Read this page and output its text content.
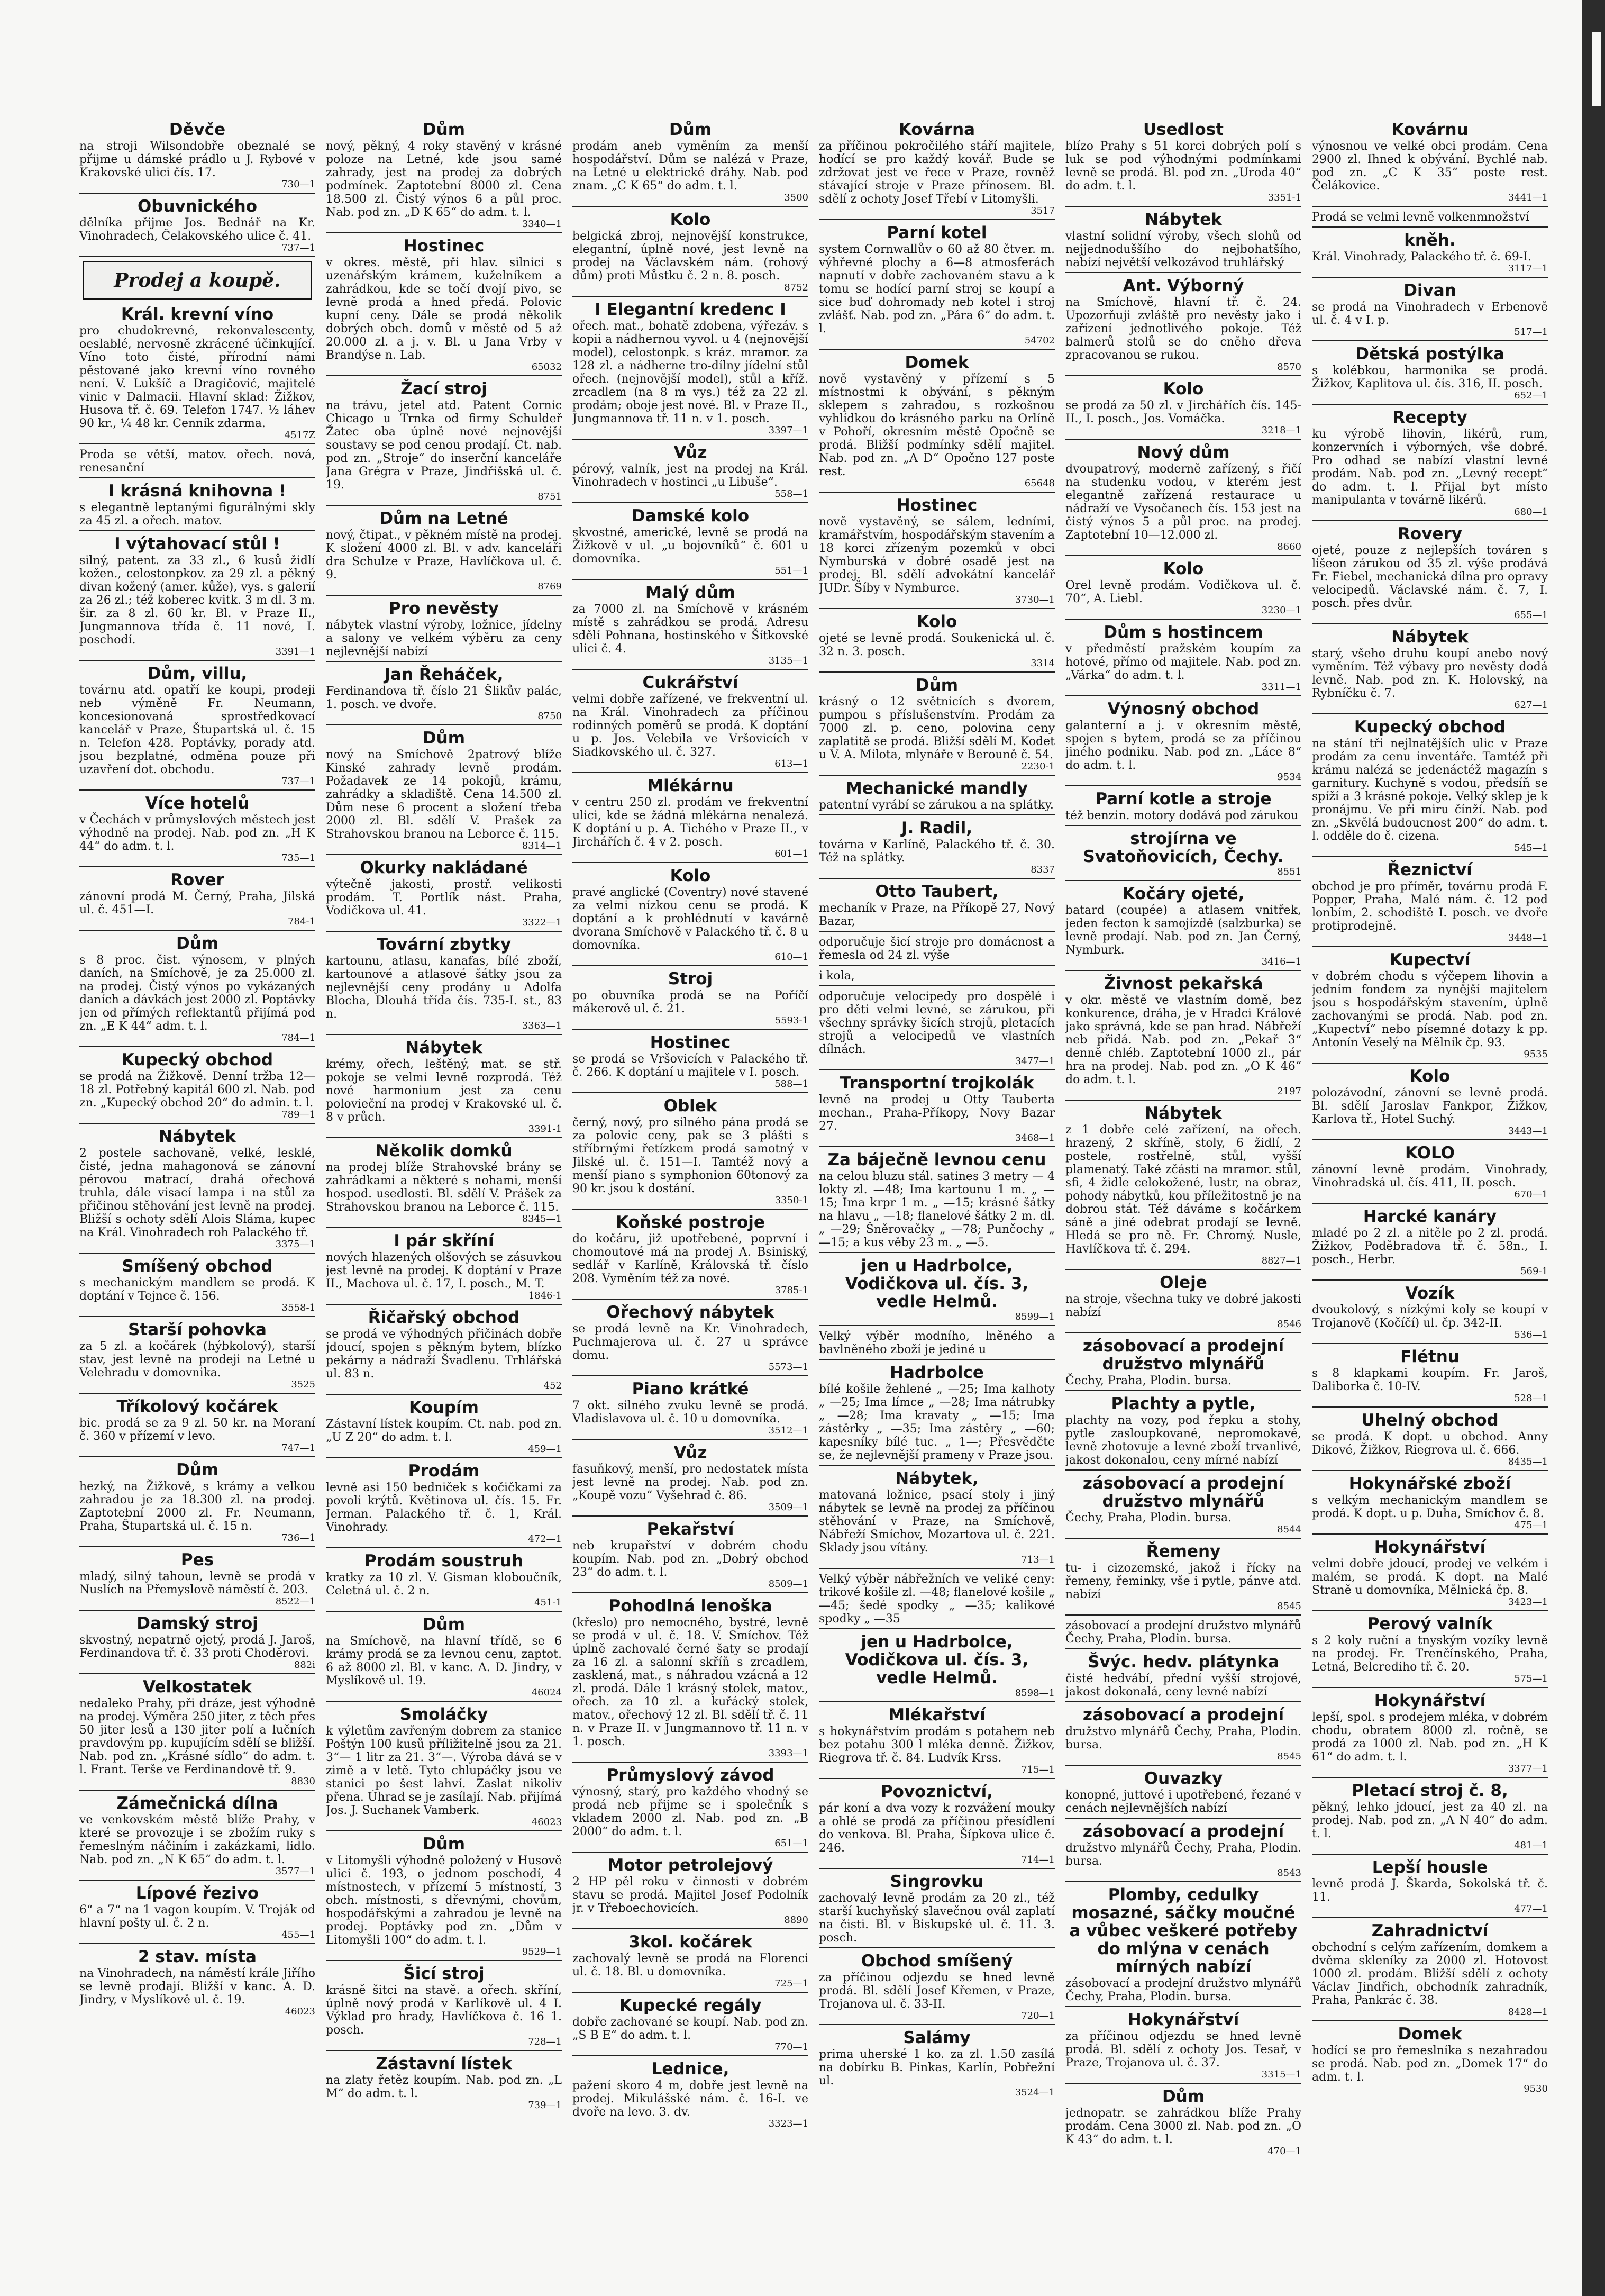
Děvče

na stroji Wilsondobře obeznalé se přijme u dámské prádlo u J. Rybové v Krakovské ulici čís. 17.

730—1
Obuvnického

dělníka přijme Jos. Bednář na Kr. Vinohradech, Čelakovského ulice č. 41.

737—1
Prodej a koupě.
Král. krevní víno

pro chudokrevné, rekonvalescenty, oeslablé, nervosně zkrácené účinkující. Víno toto čisté, přírodní námi pěstované jako krevní víno rovného není. V. Lukšíč a Dragičović, majitelé vinic v Dalmacii. Hlavní sklad: Žižkov, Husova tř. č. 69. Telefon 1747. ⅟₂ láhev 90 kr., ⅟₄ 48 kr. Cenník zdarma.

4517Z

Proda se větší, matov. ořech. nová, renesanční

I krásná knihovna !

s elegantně leptanými figurálnými skly za 45 zl. a ořech. matov.

I výtahovací stůl !

silný, patent. za 33 zl., 6 kusů židlí kožen., celostonpkov. za 29 zl. a pěkný divan kožený (amer. kůže), vys. s galerií za 26 zl.; též koberec kvitk. 3 m dl. 3 m. šir. za 8 zl. 60 kr. Bl. v Praze II., Jungmannova třída č. 11 nové, I. poschodí.

3391—1
Dům, villu,

továrnu atd. opatří ke koupi, prodeji neb výměně Fr. Neumann, koncesionovaná sprostředkovací kancelář v Praze, Štupartská ul. č. 15 n. Telefon 428. Poptávky, porady atd. jsou bezplatné, odměna pouze při uzavření dot. obchodu.

737—1
Více hotelů

v Čechách v průmyslových městech jest výhodně na prodej. Nab. pod zn. „H K 44“ do adm. t. l.

735—1
Rover

zánovní prodá M. Černý, Praha, Jilská ul. č. 451—I.

784-1
Dům

s 8 proc. čist. výnosem, v plných daních, na Smíchově, je za 25.000 zl. na prodej. Čistý výnos po vykázaných daních a dávkách jest 2000 zl. Poptávky jen od přímých reflektantů přijímá pod zn. „E K 44“ adm. t. l.

784—1
Kupecký obchod

se prodá na Žižkově. Denní tržba 12—18 zl. Potřebný kapitál 600 zl. Nab. pod zn. „Kupecký obchod 20“ do admin. t. l.

789—1
Nábytek

2 postele sachovaně, velké, lesklé, čisté, jedna mahagonová se zánovní pérovou matrací, drahá ořechová truhla, dále visací lampa i na stůl za přičinou stěhování jest levně na prodej. Bližší s ochoty sdělí Alois Sláma, kupec na Král. Vinohradech roh Palackého tř.

3375—1
Smíšený obchod

s mechanickým mandlem se prodá. K doptání v Tejnce č. 156.

3558-1
Starší pohovka

za 5 zl. a kočárek (hýbkolový), starší stav, jest levně na prodeji na Letné u Velehradu v domovnika.

3525
Tříkolový kočárek

bic. prodá se za 9 zl. 50 kr. na Moraní č. 360 v přízemí v levo.

747—1
Dům

hezký, na Žižkově, s krámy a velkou zahradou je za 18.300 zl. na prodej. Zaptotební 2000 zl. Fr. Neumann, Praha, Štupartská ul. č. 15 n.

736—1
Pes

mladý, silný tahoun, levně se prodá v Nuslích na Přemyslově náměstí č. 203.

8522—1
Damský stroj

skvostný, nepatrně ojetý, prodá J. Jaroš, Ferdinandova tř. č. 33 proti Choděrovi.

882i
Velkostatek

nedaleko Prahy, při dráze, jest výhodně na prodej. Výměra 250 jiter, z těch přes 50 jiter lesů a 130 jiter polí a lučních pravdovým pp. kupujícím sdělí se bližší. Nab. pod zn. „Krásné sídlo“ do adm. t. l. Frant. Terše ve Ferdinandově tř. 9.

8830
Zámečnická dílna

ve venkovském městě blíže Prahy, v které se provozuje i se zbožím ruky s řemeslným náčiním i zakázkami, lidlo. Nab. pod zn. „N K 65“ do adm. t. l.

3577—1
Lípové řezivo

6“ a 7“ na 1 vagon koupím. V. Troják od hlavní pošty ul. č. 2 n.

455—1
2 stav. místa

na Vinohradech, na náměstí krále Jiřího se levně prodají. Bližší v kanc. A. D. Jindry, v Myslíkově ul. č. 19.

46023
Dům

nový, pěkný, 4 roky stavěný v krásné poloze na Letné, kde jsou samé zahrady, jest na prodej za dobrých podmínek. Zaptotební 8000 zl. Cena 18.500 zl. Čistý výnos 6 a půl proc. Nab. pod zn. „D K 65“ do adm. t. l.

3340—1
Hostinec

v okres. městě, při hlav. silnici s uzenářským krámem, kuželníkem a zahrádkou, kde se točí dvojí pivo, se levně prodá a hned předá. Polovic kupní ceny. Dále se prodá několik dobrých obch. domů v městě od 5 až 20.000 zl. a j. v. Bl. u Jana Vrby v Brandýse n. Lab.

65032
Žací stroj

na trávu, jetel atd. Patent Cornic Chicago u Trnka od firmy Schuldeř Žatec oba úplně nové nejnovější soustavy se pod cenou prodají. Ct. nab. pod zn. „Stroje“ do inserční kanceláře Jana Grégra v Praze, Jindřišská ul. č. 19.

8751
Dům na Letné

nový, čtipat., v pěkném místě na prodej. K složení 4000 zl. Bl. v adv. kanceláři dra Schulze v Praze, Havlíčkova ul. č. 9.

8769
Pro nevěsty

nábytek vlastní výroby, ložnice, jídelny a salony ve velkém výběru za ceny nejlevnější nabízí

Jan Řeháček,

Ferdinandova tř. číslo 21 Šlikův palác, 1. posch. ve dvoře.

8750
Dům

nový na Smíchově 2patrový blíže Kinské zahrady levně prodám. Požadavek ze 14 pokojů, krámu, zahrádky a skladiště. Cena 14.500 zl. Dům nese 6 procent a složení třeba 2000 zl. Bl. sdělí V. Prašek za Strahovskou branou na Leborce č. 115.

8314—1
Okurky nakládané

výtečně jakosti, prostř. velikosti prodám. T. Portlík nást. Praha, Vodičkova ul. 41.

3322—1
Tovární zbytky

kartounu, atlasu, kanafas, bílé zboží, kartounové a atlasové šátky jsou za nejlevnější ceny prodány u Adolfa Blocha, Dlouhá třída čís. 735-I. st., 83 n.

3363—1
Nábytek

krémy, ořech, leštěný, mat. se stř. pokoje se velmi levně rozprodá. Též nové harmonium jest za cenu polovieční na prodej v Krakovské ul. č. 8 v průch.

3391-1
Několik domků

na prodej blíže Strahovské brány se zahrádkami a některé s nohami, menší hospod. usedlosti. Bl. sdělí V. Prášek za Strahovskou branou na Leborce č. 115.

8345—1
I pár skříní

nových hlazených olšových se zásuvkou jest levně na prodej. K doptání v Praze II., Machova ul. č. 17, I. posch., M. T.

1846-1
Řičařský obchod

se prodá ve výhodných přičinách dobře jdoucí, spojen s pěkným bytem, blízko pekárny a nádraží Švadlenu. Trhlářská ul. 83 n.

452
Koupím

Zástavní lístek koupím. Ct. nab. pod zn. „U Z 20“ do adm. t. l.

459—1
Prodám

levně asi 150 bedniček s kočičkami za povoli krýtů. Květinova ul. čís. 15. Fr. Jerman. Palackého tř. č. 1, Král. Vinohrady.

472—1
Prodám soustruh

kratky za 10 zl. V. Gisman kloboučník, Celetná ul. č. 2 n.

451-1
Dům

na Smíchově, na hlavní třídě, se 6 krámy prodá se za levnou cenu, zaptot. 6 až 8000 zl. Bl. v kanc. A. D. Jindry, v Myslíkově ul. 19.

46024
Smoláčky

k výletům zavřeným dobrem za stanice Poštýn 100 kusů příližitelně jsou za 21. 3“— 1 litr za 21. 3“—. Výroba dává se v zimě a v letě. Tyto chlupáčky jsou ve stanici po šest lahví. Zaslat nikoliv přena. Úhrad se je zasílají. Nab. přijímá Jos. J. Suchanek Vamberk.

46023
Dům

v Litomyšli výhodně položený v Husově ulici č. 193, o jednom poschodí, 4 místnostech, v přízemí 5 místností, 3 obch. místnosti, s dřevnými, chovům, hospodářskými a zahradou je levně na prodej. Poptávky pod zn. „Dům v Litomyšli 100“ do adm. t. l.

9529—1
Šicí stroj

krásně šitci na stavě. a ořech. skříní, úplně nový prodá v Karlíkově ul. 4 I. Výklad pro hrady, Havlíčkova č. 16 1. posch.

728—1
Zástavní lístek

na zlaty řetěz koupím. Nab. pod zn. „L M“ do adm. t. l.

739—1
Dům

prodám aneb vyměním za menší hospodářství. Dům se nalézá v Praze, na Letné u elektrické dráhy. Nab. pod znam. „C K 65“ do adm. t. l.

3500
Kolo

belgická zbroj, nejnovější konstrukce, elegantní, úplně nové, jest levně na prodej na Václavském nám. (rohový dům) proti Můstku č. 2 n. 8. posch.

8752
I Elegantní kredenc I

ořech. mat., bohatě zdobena, výřezáv. s kopii a nádhernou vyvol. u 4 (nejnovější model), celostonpk. s kráz. mramor. za 128 zl. a nádherne tro-dílny jídelní stůl ořech. (nejnovější model), stůl a kříž. zrcadlem (na 8 m vys.) též za 22 zl. prodám; oboje jest nové. Bl. v Praze II., Jungmannova tř. 11 n. v 1. posch.

3397—1
Vůz

pérový, valník, jest na prodej na Král. Vinohradech v hostinci „u Libuše“.

558—1
Damské kolo

skvostné, americké, levně se prodá na Žižkově v ul. „u bojovníků“ č. 601 u domovníka.

551—1
Malý dům

za 7000 zl. na Smíchově v krásném místě s zahrádkou se prodá. Adresu sdělí Pohnana, hostinského v Šítkovské ulici č. 4.

3135—1
Cukrářství

velmi dobře zařízené, ve frekventní ul. na Král. Vinohradech za příčinou rodinných poměrů se prodá. K doptání u p. Jos. Velebila ve Vršovicích v Siadkovského ul. č. 327.

613—1
Mlékárnu

v centru 250 zl. prodám ve frekventní ulici, kde se žádná mlékárna nenalezá. K doptání u p. A. Tichého v Praze II., v Jirchářích č. 4 v 2. posch.

601—1
Kolo

pravé anglické (Coventry) nové stavené za velmi nízkou cenu se prodá. K doptání a k prohlédnutí v kavárně dvorana Smíchově v Palackého tř. č. 8 u domovníka.

610—1
Stroj

po obuvníka prodá se na Poříčí mákerově ul. č. 21.

5593-1
Hostinec

se prodá se Vršovicích v Palackého tř. č. 266. K doptání u majitele v I. posch.

588—1
Oblek

černý, nový, pro silného pána prodá se za polovic ceny, pak se 3 plášti s stříbrnými řetízkem prodá samotný v Jilské ul. č. 151—I. Tamtéž nový a menší piano s symphonion 60tonový za 90 kr. jsou k dostání.

3350-1
Koňské postroje

do kočáru, již upotřebené, poprvní i chomoutové má na prodej A. Bsiniský, sedlář v Karlíně, Královská tř. číslo 208. Vyměním též za nové.

3785-1
Ořechový nábytek

se prodá levně na Kr. Vinohradech, Puchmajerova ul. č. 27 u správce domu.

5573—1
Piano krátké

7 okt. silného zvuku levně se prodá. Vladislavova ul. č. 10 u domovníka.

3512—1
Vůz

fasuňkový, menší, pro nedostatek místa jest levně na prodej. Nab. pod zn. „Koupě vozu“ Vyšehrad č. 86.

3509—1
Pekařství

neb krupařství v dobrém chodu koupím. Nab. pod zn. „Dobrý obchod 23“ do adm. t. l.

8509—1
Pohodlná lenoška

(křeslo) pro nemocného, bystré, levně se prodá v ul. č. 18. V. Smíchov. Též úplně zachovalé černé šaty se prodají za 16 zl. a salonní skříň s zrcadlem, zasklená, mat., s náhradou vzácná a 12 zl. prodá. Dále 1 krásný stolek, matov., ořech. za 10 zl. a kuřácký stolek, matov., ořechový 12 zl. Bl. sdělí tř. č. 11 n. v Praze II. v Jungmannovo tř. 11 n. v 1. posch.

3393—1
Průmyslový závod

výnosný, starý, pro každého vhodný se prodá neb přijme se i společník s vkladem 2000 zl. Nab. pod zn. „B 2000“ do adm. t. l.

651—1
Motor petrolejový

2 HP pěl roku v činnosti v dobrém stavu se prodá. Majitel Josef Podolník jr. v Třeboechovicích.

8890
3kol. kočárek

zachovalý levně se prodá na Florenci ul. č. 18. Bl. u domovníka.

725—1
Kupecké regály

dobře zachované se koupí. Nab. pod zn. „S B E“ do adm. t. l.

770—1
Lednice,

pažení skoro 4 m, dobře jest levně na prodej. Mikulášské nám. č. 16-I. ve dvoře na levo. 3. dv.

3323—1
Kovárna

za příčinou pokročilého stáří majitele, hodící se pro každý kovář. Bude se zdržovat jest ve řece v Praze, rovněž stávající stroje v Praze přínosem. Bl. sdělí z ochoty Josef Třebí v Litomyšli.

3517
Parní kotel

system Cornwallův o 60 až 80 čtver. m. výhřevné plochy a 6—8 atmosferách napnutí v dobře zachovaném stavu a k tomu se hodící parní stroj se koupí a sice buď dohromady neb kotel i stroj zvlášť. Nab. pod zn. „Pára 6“ do adm. t. l.

54702
Domek

nově vystavěný v přízemí s 5 místnostmi k obývání, s pěkným sklepem s zahradou, s rozkošnou vyhlídkou do krásného parku na Orlíně v Pohoří, okresním městě Opočně se prodá. Bližší podmínky sdělí majitel. Nab. pod zn. „A D“ Opočno 127 poste rest.

65648
Hostinec

nově vystavěný, se sálem, ledními, kramářstvím, hospodářským stavením a 18 korci zřízeným pozemků v obci Nymburská v dobré osadě jest na prodej. Bl. sdělí advokátní kancelář JUDr. Šíby v Nymburce.

3730—1
Kolo

ojeté se levně prodá. Soukenická ul. č. 32 n. 3. posch.

3314
Dům

krásný o 12 světnicích s dvorem, pumpou s příslušenstvím. Prodám za 7000 zl. p. ceno, polovina ceny zaplatitě se prodá. Bližší sdělí M. Kodet u V. A. Milota, mlynáře v Berouně č. 54.

2230-1
Mechanické mandly

patentní vyrábí se zárukou a na splátky.

J. Radil,

továrna v Karlíně, Palackého tř. č. 30. Též na splátky.

8337
Otto Taubert,

mechaník v Praze, na Příkopě 27, Nový Bazar,

odporučuje šicí stroje pro domácnost a řemesla od 24 zl. výše

i kola,

odporučuje velocipedy pro dospělé i pro děti velmi levné, se zárukou, při všechny správky šicích strojů, pletacích strojů a velocipedů ve vlastních dílnách.

3477—1
Transportní trojkolák

levně na prodej u Otty Tauberta mechan., Praha-Příkopy, Novy Bazar 27.

3468—1
Za báječně levnou cenu

na celou bluzu stál. satines 3 metry — 4 lokty zl. —48; Ima kartounu 1 m. „ —15; Ima krpr 1 m. „ —15; krásné šátky na hlavu „ —18; flanelové šátky 2 m. dl. „ —29; Šněrovačky „ —78; Punčochy „ —15; a kus věby 23 m. „ —5.

jen u Hadrbolce, Vodičkova ul. čís. 3, vedle Helmů.
8599—1

Velký výběr modního, lněného a bavlněného zboží je jediné u

Hadrbolce

bílé košile žehlené „ —25; Ima kalhoty „ —25; Ima límce „ —28; Ima nátrubky „ —28; Ima kravaty „ —15; Ima zástěrky „ —35; Ima zástěry „ —60; kapesníky bílé tuc. „ 1—; Přesvědčte se, že nejlevnější prameny v Praze jsou.

Nábytek,

matovaná ložnice, psací stoly i jiný nábytek se levně na prodej za příčinou stěhování v Praze, na Smíchově, Nábřeží Smíchov, Mozartova ul. č. 221. Sklady jsou vítány.

713—1

Velký výběr nábřežních ve veliké ceny: trikové košile zl. —48; flanelové košile „ —45; šedé spodky „ —35; kalikové spodky „ —35

jen u Hadrbolce, Vodičkova ul. čís. 3, vedle Helmů.
8598—1
Mlékařství

s hokynářstvím prodám s potahem neb bez potahu 300 l mléka denně. Žižkov, Riegrova tř. č. 84. Ludvík Krss.

715—1
Povoznictví,

pár koní a dva vozy k rozvážení mouky a ohlé se prodá za příčinou přesídlení do venkova. Bl. Praha, Šípkova ulice č. 246.

714—1
Singrovku

zachovalý levně prodám za 20 zl., též starší kuchyňský slavečnou ovál zaplatí na čisti. Bl. v Biskupské ul. č. 11. 3. posch.

Obchod smíšený

za příčinou odjezdu se hned levně prodá. Bl. sdělí Josef Křemen, v Praze, Trojanova ul. č. 33-II.

720—1
Salámy

prima uherské 1 ko. za zl. 1.50 zasílá na dobírku B. Pinkas, Karlín, Pobřežní ul.

3524—1
Usedlost

blízo Prahy s 51 korci dobrých polí s luk se pod výhodnými podmínkami levně se prodá. Bl. pod zn. „Uroda 40“ do adm. t. l.

3351-1
Nábytek

vlastní solidní výroby, všech slohů od nejjednoduššího do nejbohatšího, nabízí největší velkozávod truhlářský

Ant. Výborný

na Smíchově, hlavní tř. č. 24. Upozorňuji zvláště pro nevěsty jako i zařízení jednotlivého pokoje. Též balmerů stolů se do cněho dřeva zpracovanou se rukou.

8570
Kolo

se prodá za 50 zl. v Jirchářích čís. 145-II., I. posch., Jos. Vomáčka.

3218—1
Nový dům

dvoupatrový, moderně zařízený, s řičí na studenku vodou, v kterém jest elegantně zařízená restaurace u nádraží ve Vysočanech čís. 153 jest na čistý výnos 5 a půl proc. na prodej. Zaptotební 10—12.000 zl.

8660
Kolo

Orel levně prodám. Vodičkova ul. č. 70“, A. Liebl.

3230—1
Dům s hostincem

v předměstí pražském koupím za hotové, přímo od majitele. Nab. pod zn. „Várka“ do adm. t. l.

3311—1
Výnosný obchod

galanterní a j. v okresním městě, spojen s bytem, prodá se za příčinou jiného podniku. Nab. pod zn. „Láce 8“ do adm. t. l.

9534
Parní kotle a stroje

též benzin. motory dodává pod zárukou

strojírna ve Svatoňovicích, Čechy.
8551
Kočáry ojeté,

batard (coupée) a atlasem vnitřek, jeden fecton k samojízdě (salzburka) se levně prodají. Nab. pod zn. Jan Černý, Nymburk.

3416—1
Živnost pekařská

v okr. městě ve vlastním domě, bez konkurence, dráha, je v Hradci Králové jako správná, kde se pan hrad. Nábřeží neb přidá. Nab. pod zn. „Pekař 3“ denně chléb. Zaptotební 1000 zl., pár hra na prodej. Nab. pod zn. „O K 46“ do adm. t. l.

2197
Nábytek

z 1 dobře celé zařízení, na ořech. hrazený, 2 skříně, stoly, 6 židlí, 2 postele, rostřelně, stůl, vyšší plamenatý. Také zčásti na mramor. stůl, sfi, 4 židle celokožené, lustr, na obraz, pohody nábytků, kou příležitostně je na dobrou stát. Též dáváme s kočárkem sáně a jiné odebrat prodají se levně. Hledá se pro ně. Fr. Chromý. Nusle, Havlíčkova tř. č. 294.

8827—1
Oleje

na stroje, všechna tuky ve dobré jakosti nabízí

8546
zásobovací a prodejní družstvo mlynářů

Čechy, Praha, Plodin. bursa.

Plachty a pytle,

plachty na vozy, pod řepku a stohy, pytle zasloupkované, nepromokavé, levně zhotovuje a levné zboží trvanlivé, jakost dokonalou, ceny mírné nabízí

zásobovací a prodejní družstvo mlynářů

Čechy, Praha, Plodin. bursa.

8544
Řemeny

tu- i cizozemské, jakož i řícky na řemeny, řeminky, vše i pytle, pánve atd. nabízí

8545

zásobovací a prodejní družstvo mlynářů Čechy, Praha, Plodin. bursa.

Švýc. hedv. plátynka

čisté hedvábí, přední vyšší strojové, jakost dokonalá, ceny levné nabízí

zásobovací a prodejní

družstvo mlynářů Čechy, Praha, Plodin. bursa.

8545
Ouvazky

konopné, juttové i upotřebené, řezané v cenách nejlevnějších nabízí

zásobovací a prodejní

družstvo mlynářů Čechy, Praha, Plodin. bursa.

8543
Plomby, cedulky mosazné, sáčky moučné a vůbec veškeré potřeby do mlýna v cenách mírných nabízí

zásobovací a prodejní družstvo mlynářů Čechy, Praha, Plodin. bursa.

Hokynářství

za příčinou odjezdu se hned levně prodá. Bl. sdělí z ochoty Jos. Tesař, v Praze, Trojanova ul. č. 37.

3315—1
Dům

jednopatr. se zahrádkou blíže Prahy prodám. Cena 3000 zl. Nab. pod zn. „O K 43“ do adm. t. l.

470—1
Kovárnu

výnosnou ve velké obci prodám. Cena 2900 zl. Ihned k obývání. Bychlé nab. pod zn. „C K 35“ poste rest. Čelákovice.

3441—1

Prodá se velmi levně volkenmnožství

kněh.

Král. Vinohrady, Palackého tř. č. 69-I.

3117—1
Divan

se prodá na Vinohradech v Erbenově ul. č. 4 v I. p.

517—1
Dětská postýlka

s kolébkou, harmonika se prodá. Žižkov, Kaplitova ul. čís. 316, II. posch.

652—1
Recepty

ku výrobě lihovin, likérů, rum, konzervních i výborných, vše dobré. Pro odhad se nabízí vlastní levné prodám. Nab. pod zn. „Levný recept“ do adm. t. l. Přijal byt místo manipulanta v továrně likérů.

680—1
Rovery

ojeté, pouze z nejlepších továren s lišeon zárukou od 35 zl. výše prodává Fr. Fiebel, mechanická dílna pro opravy velocipedů. Václavské nám. č. 7, I. posch. přes dvůr.

655—1
Nábytek

starý, všeho druhu koupí anebo nový vyměním. Též výbavy pro nevěsty dodá levně. Nab. pod zn. K. Holovský, na Rybníčku č. 7.

627—1
Kupecký obchod

na stání tři nejlnatějších ulic v Praze prodám za cenu inventáře. Tamtéž při krámu nalézá se jedenáctéž magazín s garnitury. Kuchyně s vodou, předsíň se spíží a 3 krásné pokoje. Velký sklep je k pronájmu. Ve při miru čínží. Nab. pod zn. „Skvělá budoucnost 200“ do adm. t. l. odděle do č. cizena.

545—1
Řeznictví

obchod je pro příměr, továrnu prodá F. Popper, Praha, Malé nám. č. 12 pod lonbím, 2. schodiště I. posch. ve dvoře protiprodejně.

3448—1
Kupectví

v dobrém chodu s výčepem lihovin a jedním fondem za nynější majitelem jsou s hospodářským stavením, úplně zachovanými se prodá. Nab. pod zn. „Kupectví“ nebo písemné dotazy k pp. Antonín Veselý na Mělník čp. 93.

9535
Kolo

polozávodní, zánovní se levně prodá. Bl. sdělí Jaroslav Fankpor, Žižkov, Karlova tř., Hotel Suchý.

3443—1
KOLO

zánovní levně prodám. Vinohrady, Vinohradská ul. čís. 411, II. posch.

670—1
Harcké kanáry

mladé po 2 zl. a nitěle po 2 zl. prodá. Žižkov, Poděbradova tř. č. 58n., I. posch., Herbr.

569-1
Vozík

dvoukolový, s nízkými koly se koupí v Trojanově (Kočíčí) ul. čp. 342-II.

536—1
Flétnu

s 8 klapkami koupím. Fr. Jaroš, Daliborka č. 10-IV.

528—1
Uhelný obchod

se prodá. K dopt. u obchod. Anny Dikové, Žižkov, Riegrova ul. č. 666.

8435—1
Hokynářské zboží

s velkým mechanickým mandlem se prodá. K dopt. u p. Duha, Smíchov č. 8.

475—1
Hokynářství

velmi dobře jdoucí, prodej ve velkém i malém, se prodá. K dopt. na Malé Straně u domovníka, Mělnická čp. 8.

3423—1
Perový valník

s 2 koly ruční a tnyským vozíky levně na prodej. Fr. Trenčínského, Praha, Letná, Belcrediho tř. č. 20.

575—1
Hokynářství

lepší, spol. s prodejem mléka, v dobrém chodu, obratem 8000 zl. ročně, se prodá za 1000 zl. Nab. pod zn. „H K 61“ do adm. t. l.

3377—1
Pletací stroj č. 8,

pěkný, lehko jdoucí, jest za 40 zl. na prodej. Nab. pod zn. „A N 40“ do adm. t. l.

481—1
Lepší housle

levně prodá J. Škarda, Sokolská tř. č. 11.

477—1
Zahradnictví

obchodní s celým zařízením, domkem a dvěma skleníky za 2000 zl. Hotovost 1000 zl. prodám. Bližší sdělí z ochoty Václav Jindřich, obchodník zahradník, Praha, Pankrác č. 38.

8428—1
Domek

hodící se pro řemeslníka s nezahradou se prodá. Nab. pod zn. „Domek 17“ do adm. t. l.

9530
